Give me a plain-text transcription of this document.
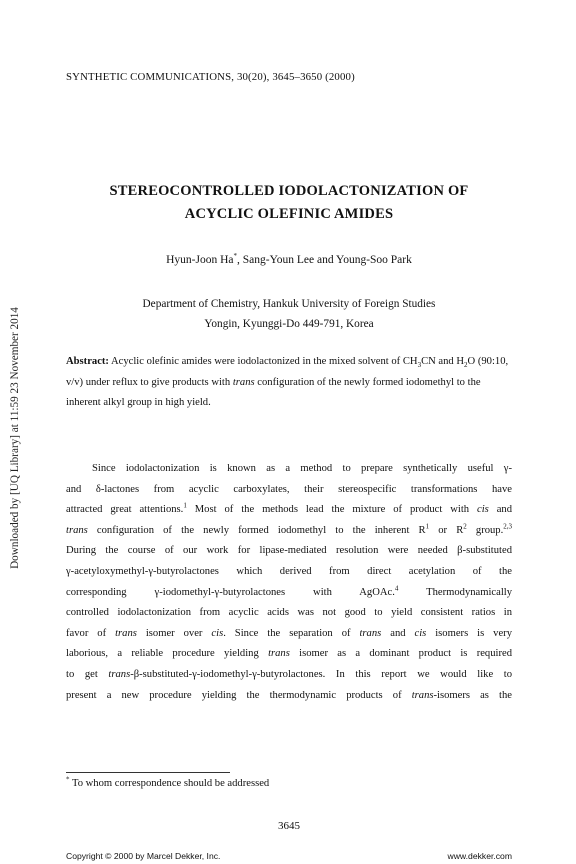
Downloaded by [UQ Library] at 11:59 23 November 2014
SYNTHETIC COMMUNICATIONS, 30(20), 3645–3650 (2000)
STEREOCONTROLLED IODOLACTONIZATION OF
ACYCLIC OLEFINIC AMIDES
Hyun-Joon Ha*, Sang-Youn Lee and Young-Soo Park
Department of Chemistry, Hankuk University of Foreign Studies
Yongin, Kyunggi-Do 449-791, Korea
Abstract: Acyclic olefinic amides were iodolactonized in the mixed solvent of $CH_3CN$ and $H_2O$ (90:10, v/v) under reflux to give products with trans configuration of the newly formed iodomethyl to the inherent alkyl group in high yield.
Since iodolactonization is known as a method to prepare synthetically useful γ-
and δ-lactones from acyclic carboxylates, their stereospecific transformations have
attracted great attentions.$^1$ Most of the methods lead the mixture of product with cis and
trans configuration of the newly formed iodomethyl to the inherent $R^1$ or $R^2$ group.$^{2,3}$
During the course of our work for lipase-mediated resolution were needed β-substituted
γ-acetyloxymethyl-γ-butyrolactones which derived from direct acetylation of the
corresponding γ-iodomethyl-γ-butyrolactones with AgOAc.$^4$ Thermodynamically
controlled iodolactonization from acyclic acids was not good to yield consistent ratios in
favor of trans isomer over cis. Since the separation of trans and cis isomers is very
laborious, a reliable procedure yielding trans isomer as a dominant product is required
to get trans-β-substituted-γ-iodomethyl-γ-butyrolactones. In this report we would like to
present a new procedure yielding the thermodynamic products of trans-isomers as the
* To whom correspondence should be addressed
3645
Copyright © 2000 by Marcel Dekker, Inc.	www.dekker.com
